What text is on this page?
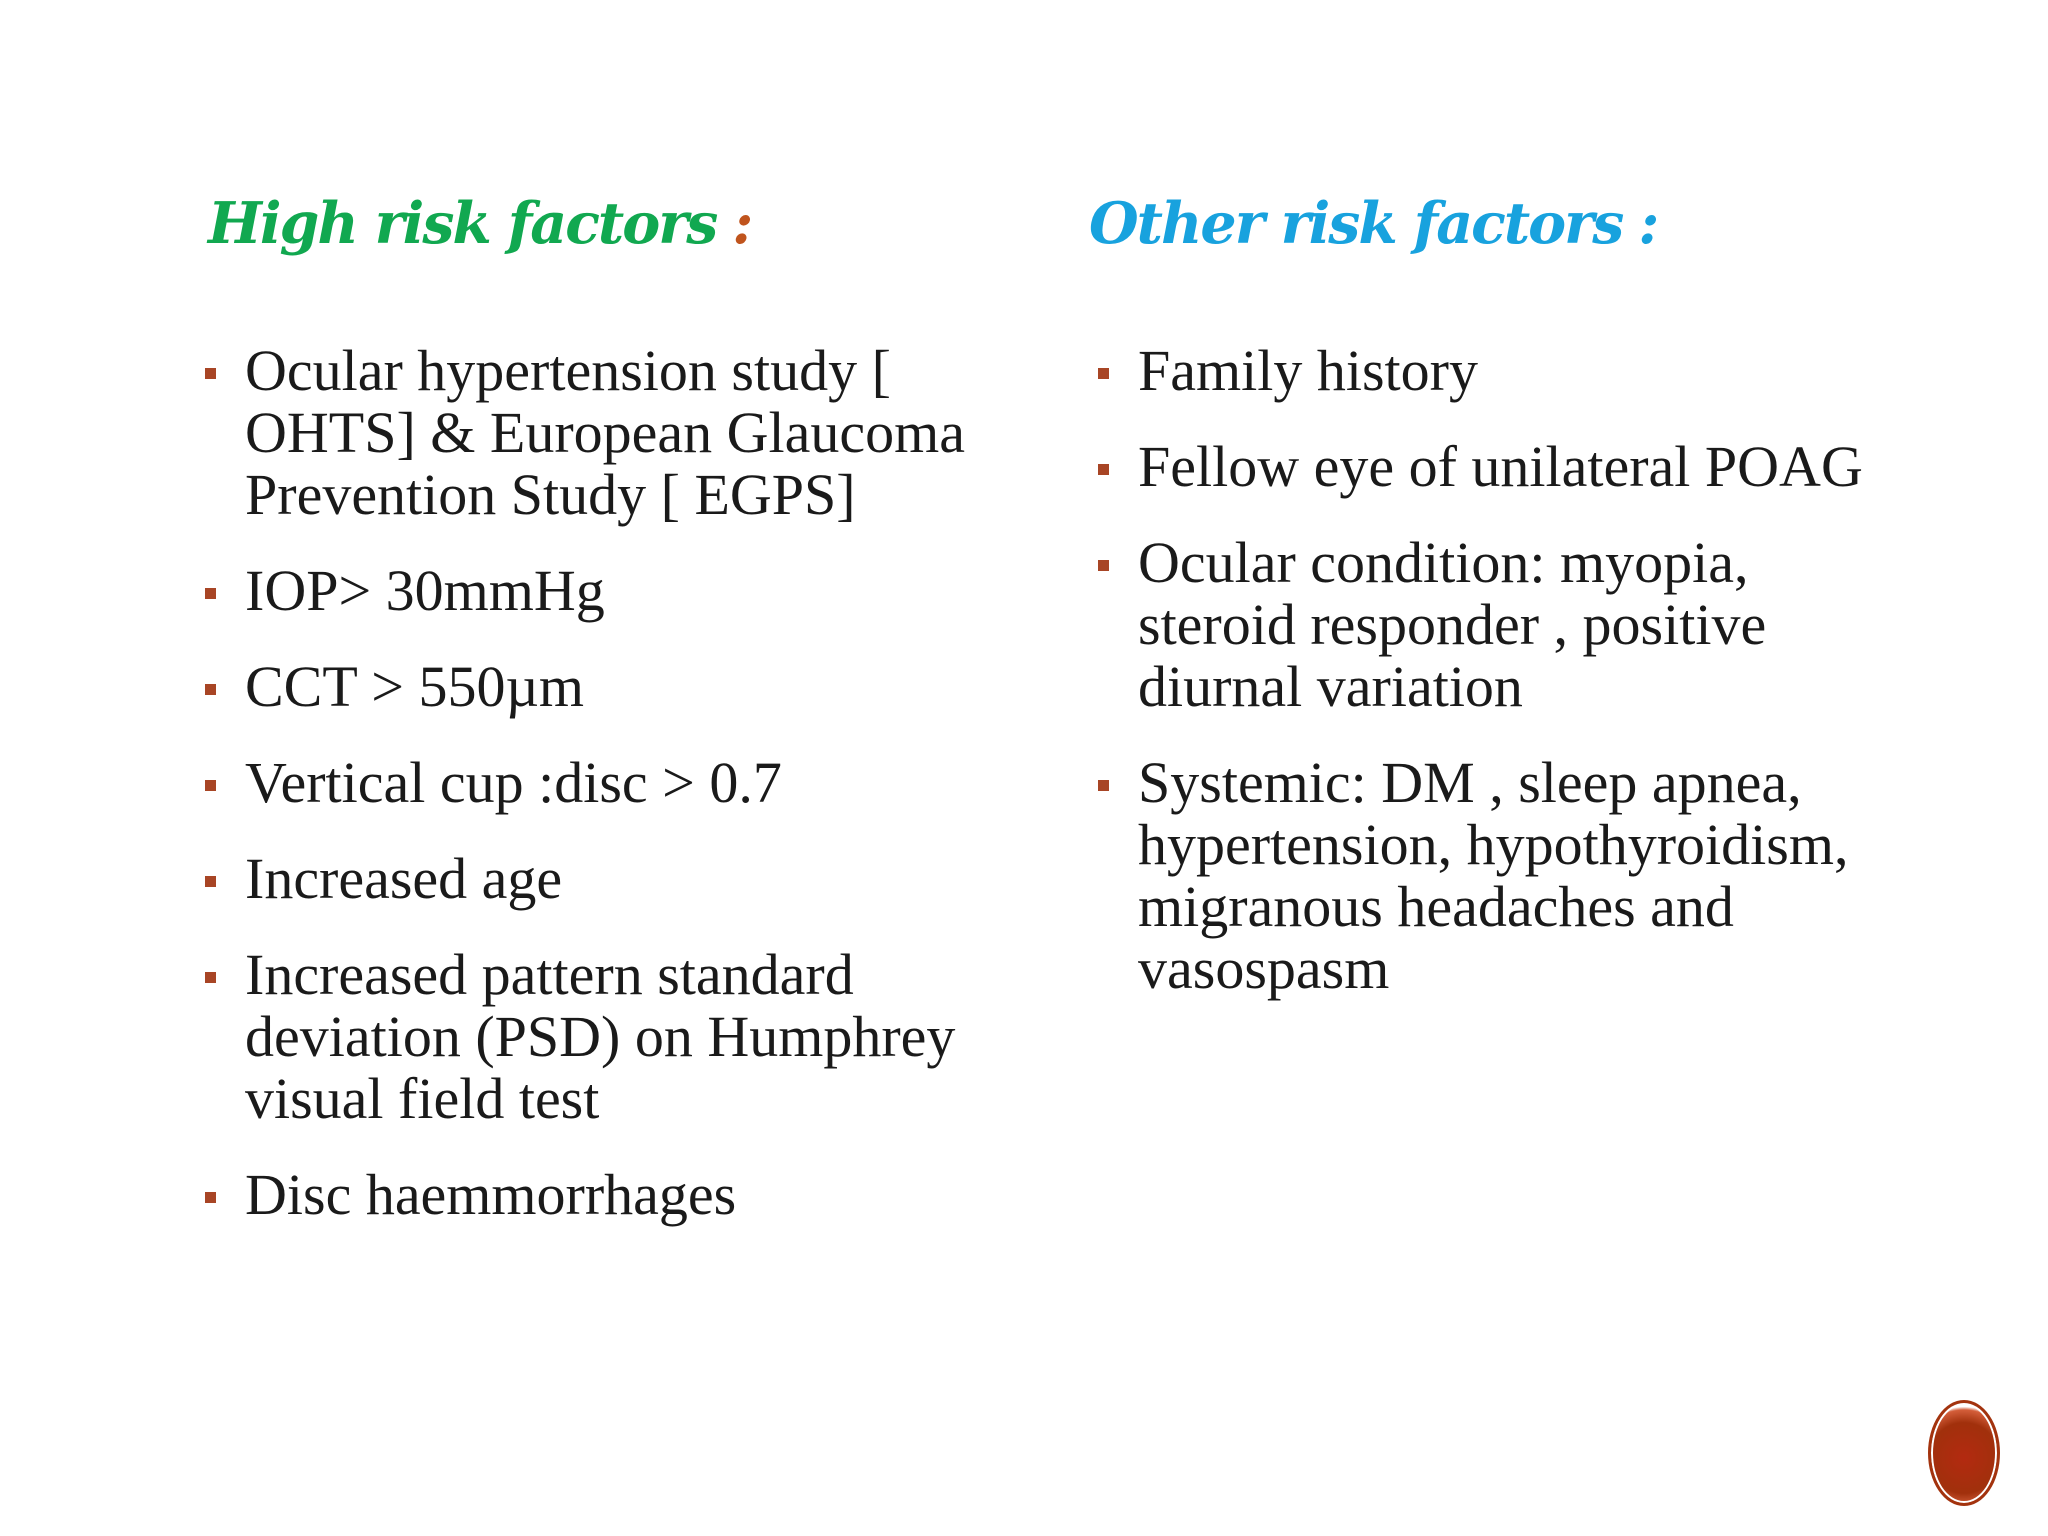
High risk factors :	Other risk factors :
Ocular hypertension study [ OHTS] & European Glaucoma Prevention Study [ EGPS]
IOP> 30mmHg
CCT > 550µm
Vertical cup :disc > 0.7
Increased age
Increased pattern standard deviation (PSD) on Humphrey visual field test
Disc haemmorrhages
Family history
Fellow eye of unilateral POAG
Ocular condition: myopia, steroid responder , positive diurnal variation
Systemic: DM , sleep apnea, hypertension, hypothyroidism, migranous headaches and vasospasm
